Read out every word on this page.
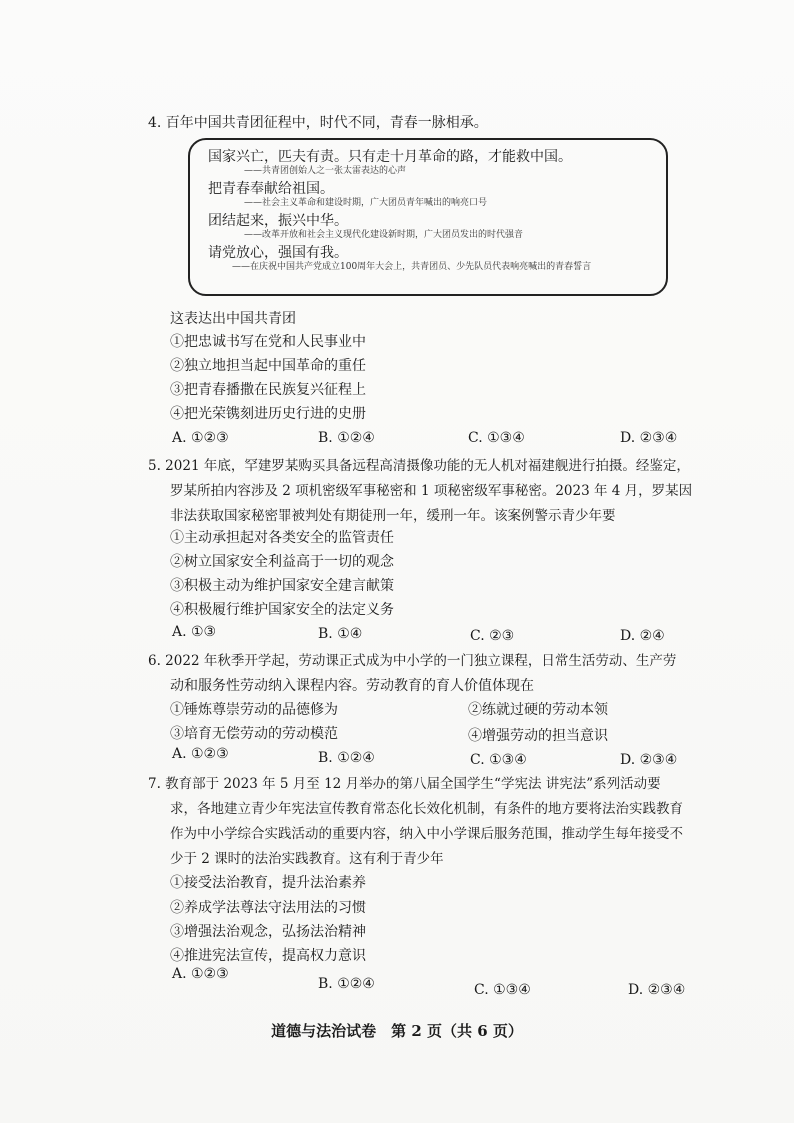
4. 百年中国共青团征程中，时代不同，青春一脉相承。

国家兴亡，匹夫有责。只有走十月革命的路，才能救中国。

——共青团创始人之一张太雷表达的心声

把青春奉献给祖国。

——社会主义革命和建设时期，广大团员青年喊出的响亮口号

团结起来，振兴中华。

——改革开放和社会主义现代化建设新时期，广大团员发出的时代强音

请党放心，强国有我。

——在庆祝中国共产党成立100周年大会上，共青团员、少先队员代表响亮喊出的青春誓言

这表达出中国共青团
①把忠诚书写在党和人民事业中
②独立地担当起中国革命的重任
③把青春播撒在民族复兴征程上
④把光荣镌刻进历史行进的史册
A. ①②③	B. ①②④	C. ①③④	D. ②③④
5. 2021 年底，罕建罗某购买具备远程高清摄像功能的无人机对福建舰进行拍摄。经鉴定，
罗某所拍内容涉及 2 项机密级军事秘密和 1 项秘密级军事秘密。2023 年 4 月，罗某因
非法获取国家秘密罪被判处有期徒刑一年，缓刑一年。该案例警示青少年要
①主动承担起对各类安全的监管责任
②树立国家安全利益高于一切的观念
③积极主动为维护国家安全建言献策
④积极履行维护国家安全的法定义务
A. ①③	B. ①④	C. ②③	D. ②④
6. 2022 年秋季开学起，劳动课正式成为中小学的一门独立课程，日常生活劳动、生产劳
动和服务性劳动纳入课程内容。劳动教育的育人价值体现在
①锤炼尊崇劳动的品德修为	②练就过硬的劳动本领
③培育无偿劳动的劳动模范	④增强劳动的担当意识
A. ①②③	B. ①②④	C. ①③④	D. ②③④
7. 教育部于 2023 年 5 月至 12 月举办的第八届全国学生“学宪法 讲宪法”系列活动要
求，各地建立青少年宪法宣传教育常态化长效化机制，有条件的地方要将法治实践教育
作为中小学综合实践活动的重要内容，纳入中小学课后服务范围，推动学生每年接受不
少于 2 课时的法治实践教育。这有利于青少年
①接受法治教育，提升法治素养
②养成学法尊法守法用法的习惯
③增强法治观念，弘扬法治精神
④推进宪法宣传，提高权力意识
A. ①②③
B. ①②④	C. ①③④	D. ②③④
道德与法治试卷　第 2 页（共 6 页）
